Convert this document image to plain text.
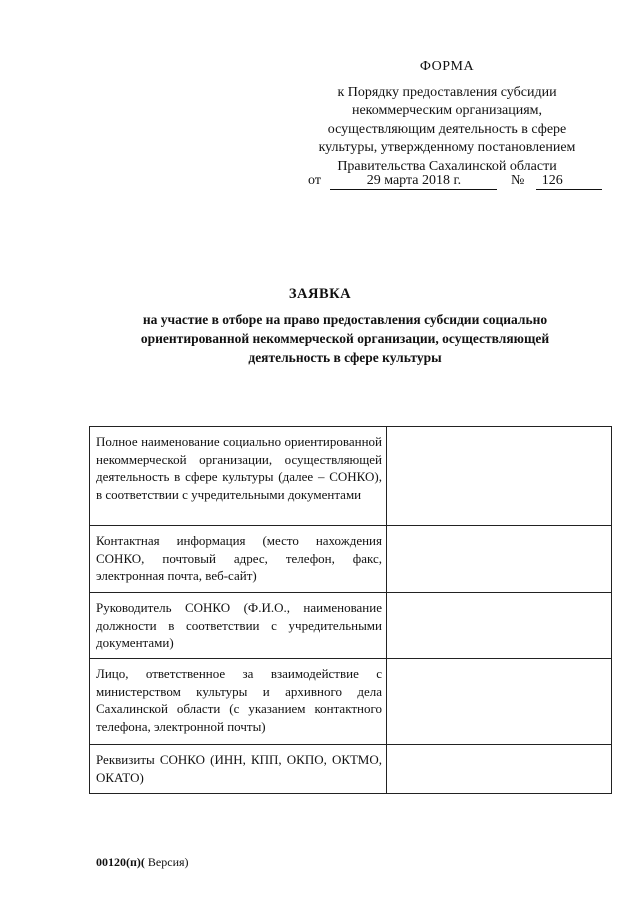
ФОРМА
к Порядку предоставления субсидии
некоммерческим организациям,
осуществляющим деятельность в сфере
культуры, утвержденному постановлением
Правительства Сахалинской области
от	29 марта 2018 г.	№ 126
ЗАЯВКА
на участие в отборе на право предоставления субсидии социально ориентированной некоммерческой организации, осуществляющей деятельность в сфере культуры
Полное наименование социально ориентированной некоммерческой организации, осуществляющей деятельность в сфере культуры (далее – СОНКО), в соответствии с учредительными документами	
Контактная информация (место нахождения СОНКО, почтовый адрес, телефон, факс, электронная почта, веб-сайт)	
Руководитель СОНКО (Ф.И.О., наименование должности в соответствии с учредительными документами)	
Лицо, ответственное за взаимодействие с министерством культуры и архивного дела Сахалинской области (с указанием контактного телефона, электронной почты)	
Реквизиты СОНКО (ИНН, КПП, ОКПО, ОКТМО, ОКАТО)	
00120(п)( Версия)
